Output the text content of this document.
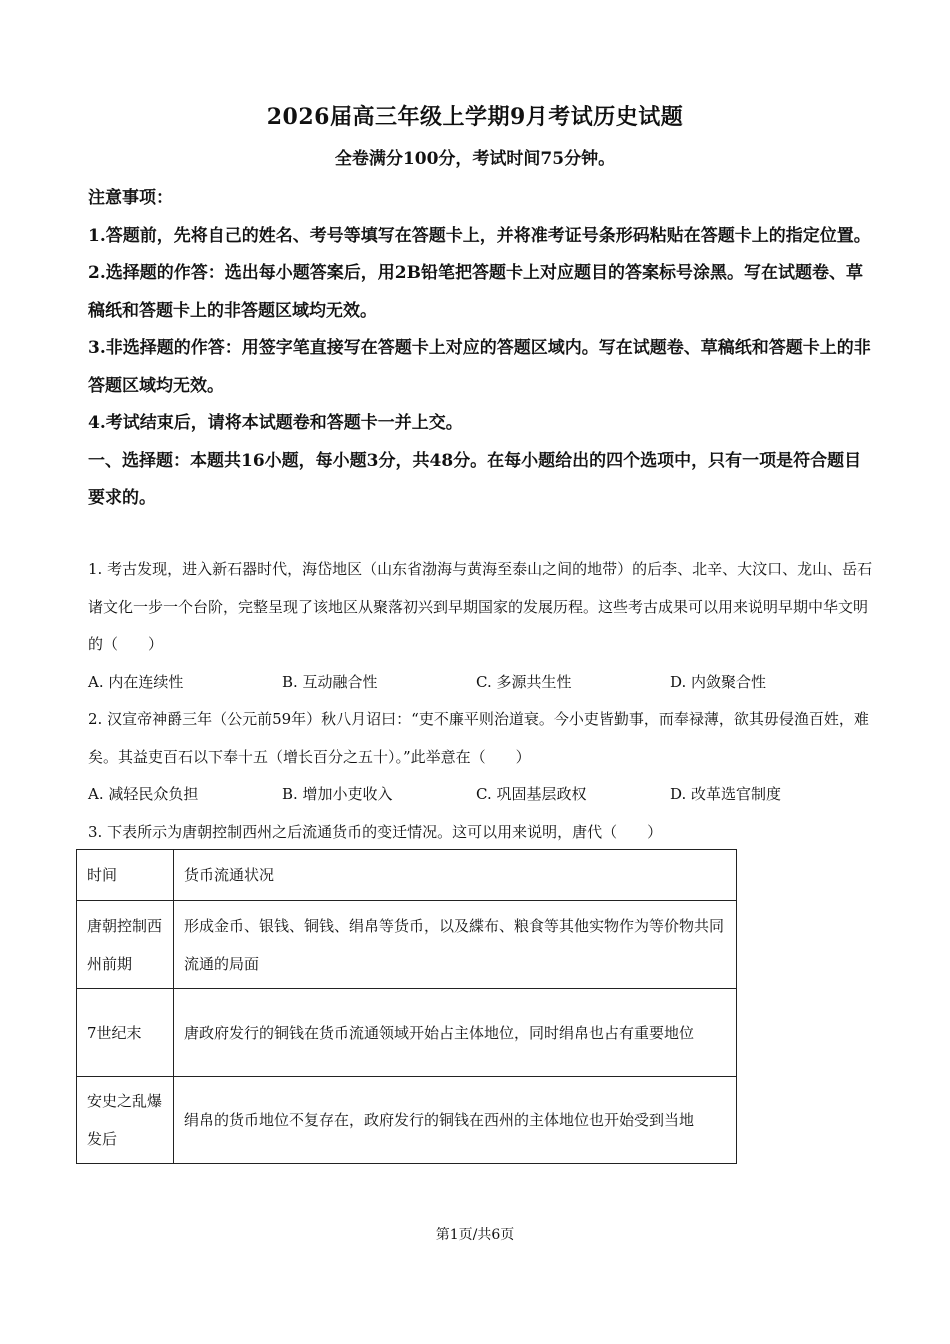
2026届高三年级上学期9月考试历史试题
全卷满分100分，考试时间75分钟。

注意事项：

1.答题前，先将自己的姓名、考号等填写在答题卡上，并将准考证号条形码粘贴在答题卡上的指定位置。

2.选择题的作答：选出每小题答案后，用2B铅笔把答题卡上对应题目的答案标号涂黑。写在试题卷、草稿纸和答题卡上的非答题区域均无效。

3.非选择题的作答：用签字笔直接写在答题卡上对应的答题区域内。写在试题卷、草稿纸和答题卡上的非答题区域均无效。

4.考试结束后，请将本试题卷和答题卡一并上交。

一、选择题：本题共16小题，每小题3分，共48分。在每小题给出的四个选项中，只有一项是符合题目要求的。

1. 考古发现，进入新石器时代，海岱地区（山东省渤海与黄海至泰山之间的地带）的后李、北辛、大汶口、龙山、岳石诸文化一步一个台阶，完整呈现了该地区从聚落初兴到早期国家的发展历程。这些考古成果可以用来说明早期中华文明的（　　）

A. 内在连续性	B. 互动融合性	C. 多源共生性	D. 内敛聚合性

2. 汉宣帝神爵三年（公元前59年）秋八月诏曰：“吏不廉平则治道衰。今小吏皆勤事，而奉禄薄，欲其毋侵渔百姓，难矣。其益吏百石以下奉十五（增长百分之五十）。”此举意在（　　）

A. 减轻民众负担	B. 增加小吏收入	C. 巩固基层政权	D. 改革选官制度

3. 下表所示为唐朝控制西州之后流通货币的变迁情况。这可以用来说明，唐代（　　）

时间	货币流通状况
唐朝控制西州前期	形成金币、银钱、铜钱、绢帛等货币，以及緤布、粮食等其他实物作为等价物共同流通的局面
7世纪末	唐政府发行的铜钱在货币流通领域开始占主体地位，同时绢帛也占有重要地位
安史之乱爆发后	绢帛的货币地位不复存在，政府发行的铜钱在西州的主体地位也开始受到当地
第1页/共6页
